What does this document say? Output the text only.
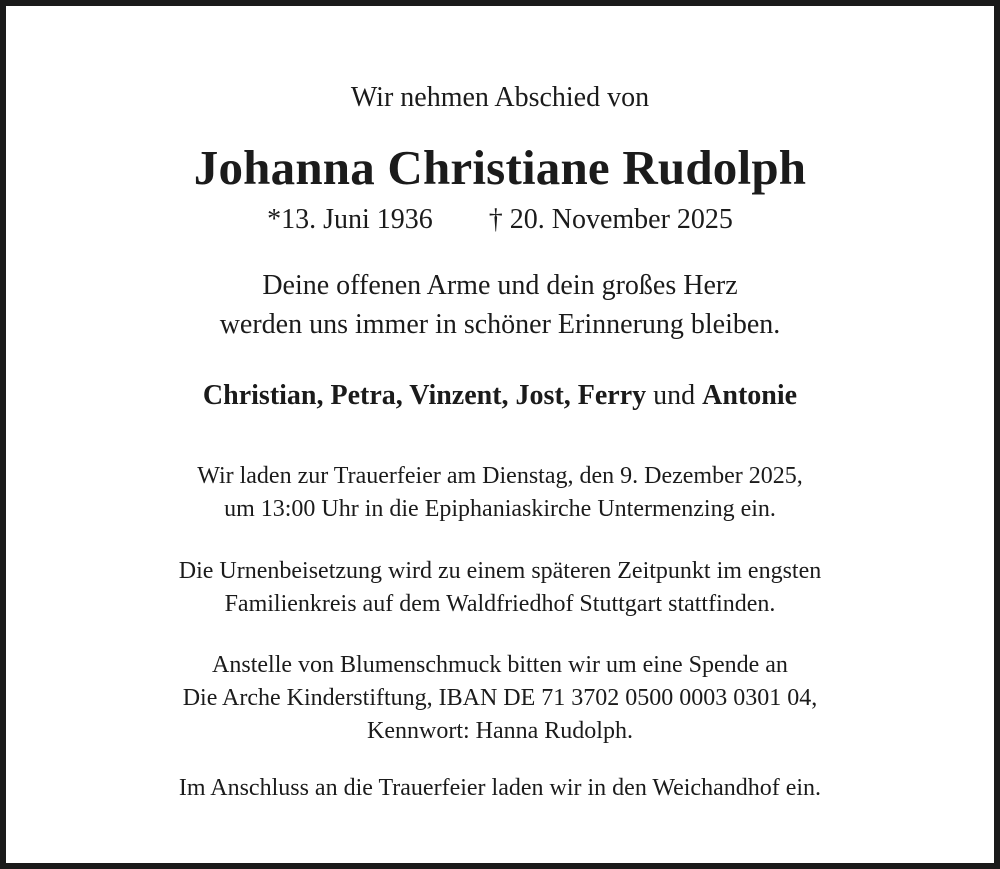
Wir nehmen Abschied von
Johanna Christiane Rudolph
*13. Juni 1936 † 20. November 2025
Deine offenen Arme und dein großes Herz
werden uns immer in schöner Erinnerung bleiben.
Christian, Petra, Vinzent, Jost, Ferry und Antonie
Wir laden zur Trauerfeier am Dienstag, den 9. Dezember 2025,
um 13:00 Uhr in die Epiphaniaskirche Untermenzing ein.
Die Urnenbeisetzung wird zu einem späteren Zeitpunkt im engsten
Familienkreis auf dem Waldfriedhof Stuttgart stattfinden.
Anstelle von Blumenschmuck bitten wir um eine Spende an
Die Arche Kinderstiftung, IBAN DE 71 3702 0500 0003 0301 04,
Kennwort: Hanna Rudolph.
Im Anschluss an die Trauerfeier laden wir in den Weichandhof ein.
